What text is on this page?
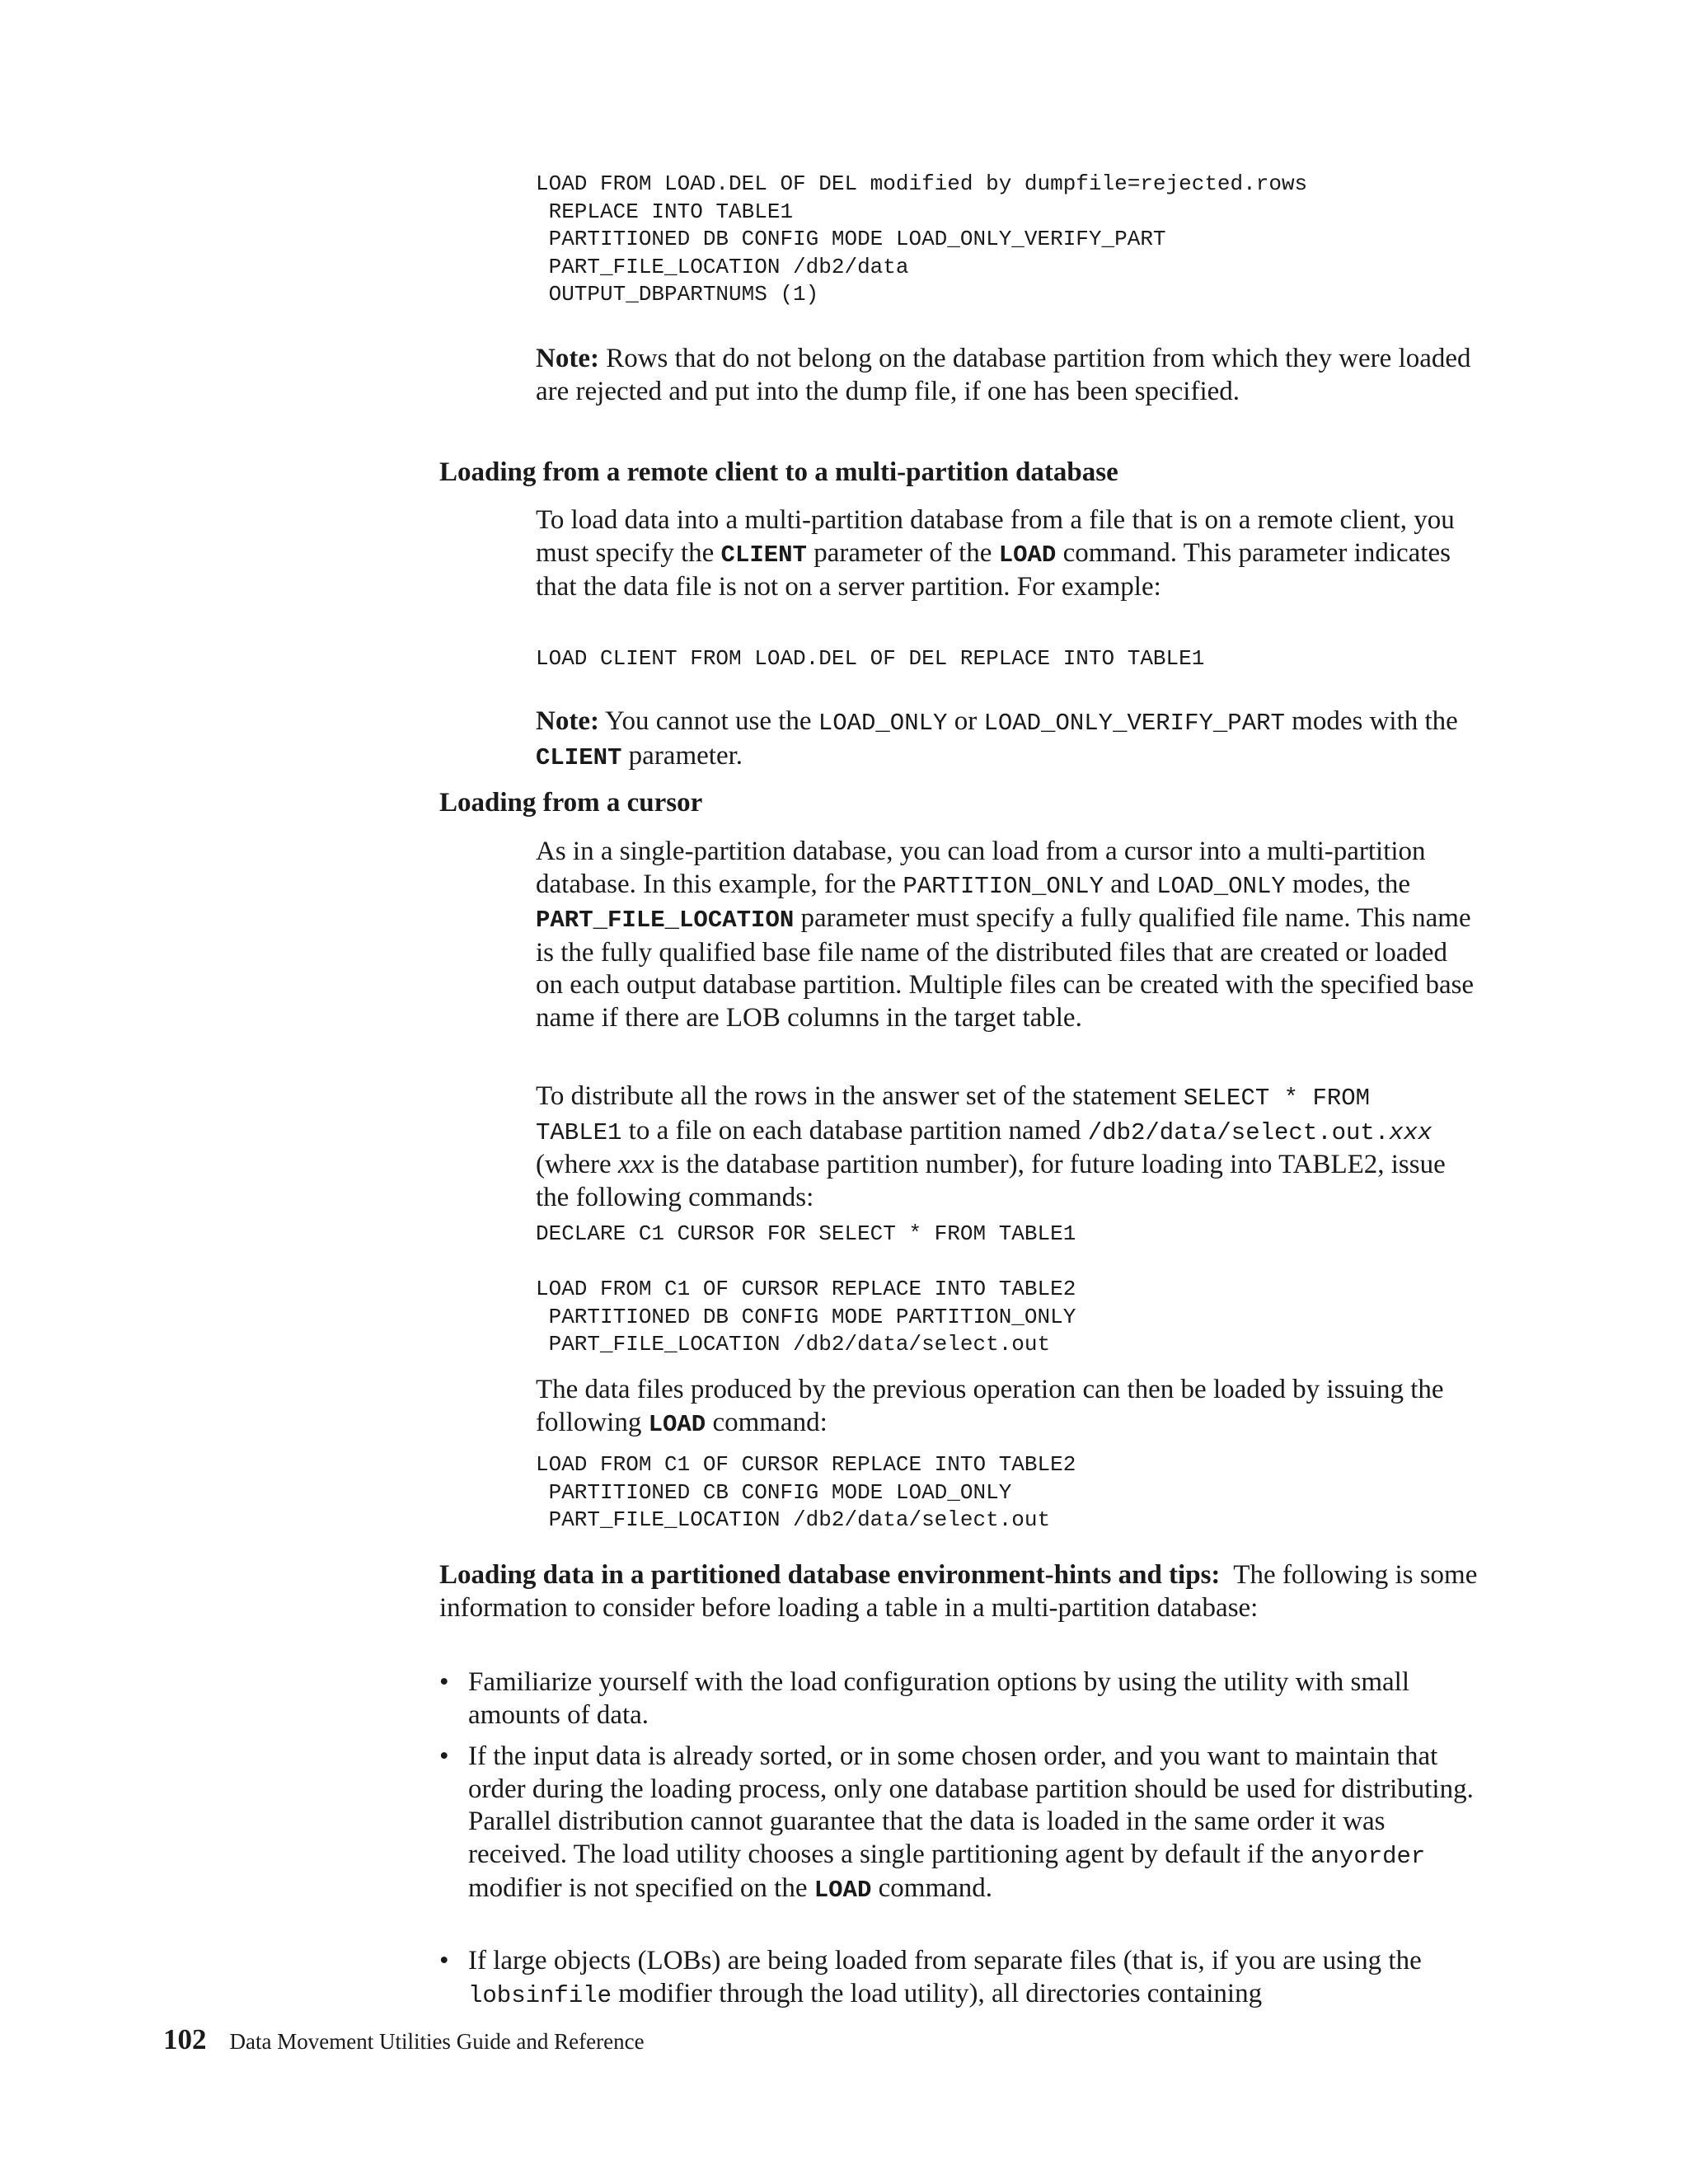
LOAD FROM LOAD.DEL OF DEL modified by dumpfile=rejected.rows
REPLACE INTO TABLE1
PARTITIONED DB CONFIG MODE LOAD_ONLY_VERIFY_PART
PART_FILE_LOCATION /db2/data
OUTPUT_DBPARTNUMS (1)

Note: Rows that do not belong on the database partition from which they were loaded are rejected and put into the dump file, if one has been specified.

Loading from a remote client to a multi-partition database

To load data into a multi-partition database from a file that is on a remote client, you must specify the CLIENT parameter of the LOAD command. This parameter indicates that the data file is not on a server partition. For example:

LOAD CLIENT FROM LOAD.DEL OF DEL REPLACE INTO TABLE1

Note: You cannot use the LOAD_ONLY or LOAD_ONLY_VERIFY_PART modes with the CLIENT parameter.

Loading from a cursor

As in a single-partition database, you can load from a cursor into a multi-partition database. In this example, for the PARTITION_ONLY and LOAD_ONLY modes, the PART_FILE_LOCATION parameter must specify a fully qualified file name. This name is the fully qualified base file name of the distributed files that are created or loaded on each output database partition. Multiple files can be created with the specified base name if there are LOB columns in the target table.

To distribute all the rows in the answer set of the statement SELECT * FROM  TABLE1 to a file on each database partition named /db2/data/select.out.xxx (where xxx is the database partition number), for future loading into TABLE2, issue the following commands:

DECLARE C1 CURSOR FOR SELECT * FROM TABLE1

LOAD FROM C1 OF CURSOR REPLACE INTO TABLE2
PARTITIONED DB CONFIG MODE PARTITION_ONLY
PART_FILE_LOCATION /db2/data/select.out

The data files produced by the previous operation can then be loaded by issuing the following LOAD command:

LOAD FROM C1 OF CURSOR REPLACE INTO TABLE2
PARTITIONED CB CONFIG MODE LOAD_ONLY
PART_FILE_LOCATION /db2/data/select.out

Loading data in a partitioned database environment-hints and tips:  The following is some information to consider before loading a table in a multi-partition database:

• Familiarize yourself with the load configuration options by using the utility with small amounts of data.
• If the input data is already sorted, or in some chosen order, and you want to maintain that order during the loading process, only one database partition should be used for distributing. Parallel distribution cannot guarantee that the data is loaded in the same order it was received. The load utility chooses a single partitioning agent by default if the anyorder modifier is not specified on the LOAD command.
• If large objects (LOBs) are being loaded from separate files (that is, if you are using the lobsinfile modifier through the load utility), all directories containing
102 Data Movement Utilities Guide and Reference
